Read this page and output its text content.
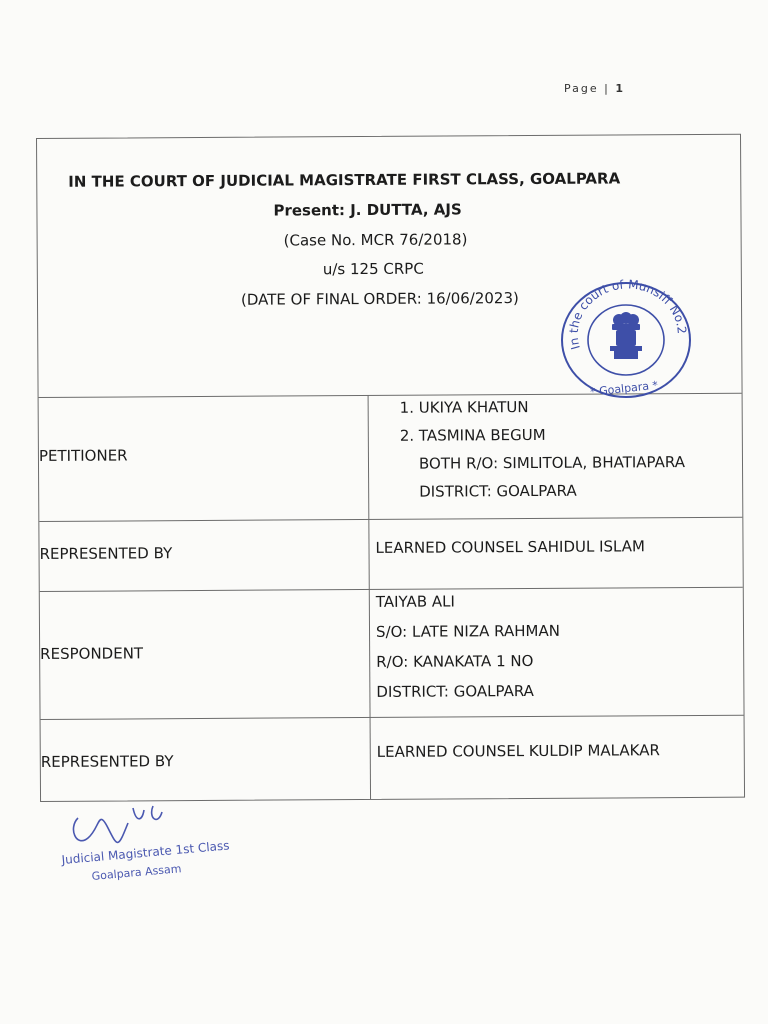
Page | 1
IN THE COURT OF JUDICIAL MAGISTRATE FIRST CLASS, GOALPARA
Present: J. DUTTA, AJS
(Case No. MCR 76/2018)
u/s 125 CRPC
(DATE OF FINAL ORDER: 16/06/2023)
PETITIONER
1. UKIYA KHATUN
2. TASMINA BEGUM
BOTH R/O: SIMLITOLA, BHATIAPARA
DISTRICT: GOALPARA
REPRESENTED BY	LEARNED COUNSEL SAHIDUL ISLAM
RESPONDENT
TAIYAB ALI
S/O: LATE NIZA RAHMAN
R/O: KANAKATA 1 NO
DISTRICT: GOALPARA
REPRESENTED BY
LEARNED COUNSEL KULDIP MALAKAR
In the court of Munsiff No.2
* Goalpara *
Judicial Magistrate 1st Class
Goalpara Assam
